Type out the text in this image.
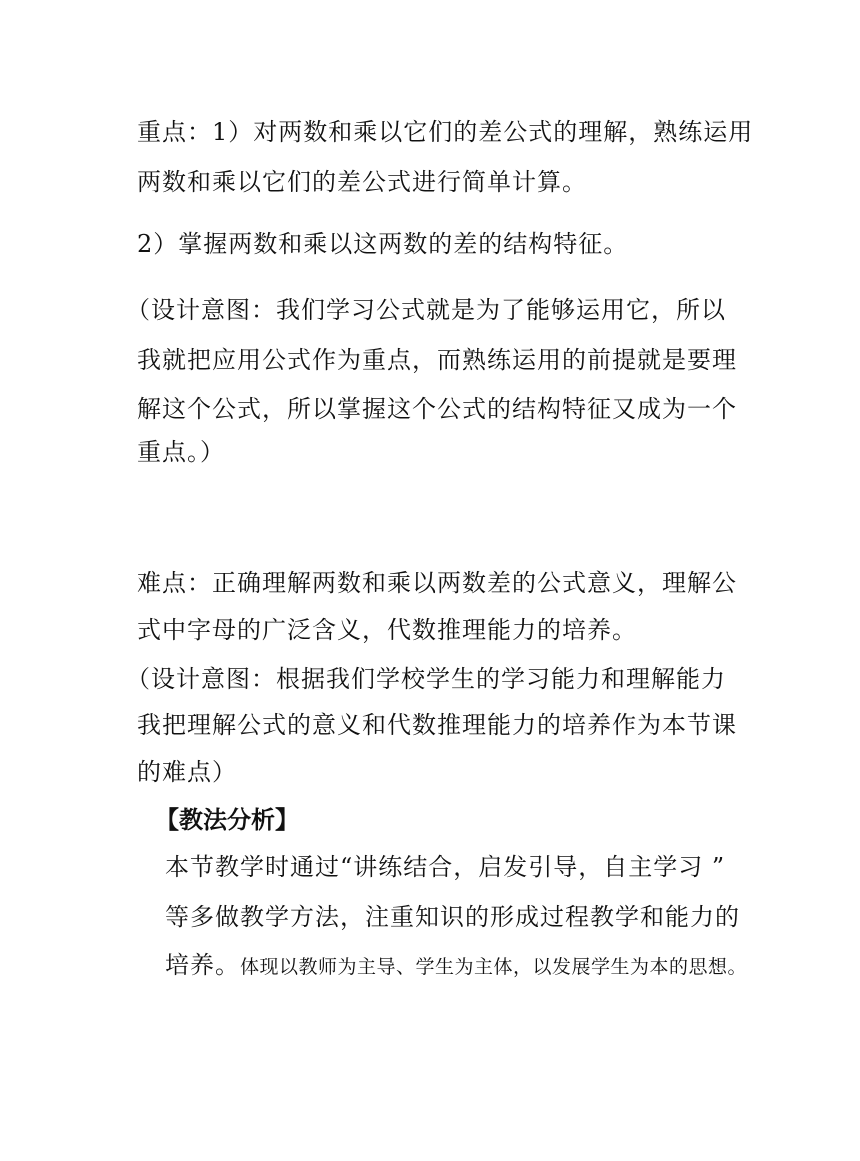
重点：1）对两数和乘以它们的差公式的理解，熟练运用
两数和乘以它们的差公式进行简单计算。
2）掌握两数和乘以这两数的差的结构特征。
（设计意图：我们学习公式就是为了能够运用它，所以
我就把应用公式作为重点，而熟练运用的前提就是要理
解这个公式，所以掌握这个公式的结构特征又成为一个
重点。）
难点：正确理解两数和乘以两数差的公式意义，理解公
式中字母的广泛含义，代数推理能力的培养。
（设计意图：根据我们学校学生的学习能力和理解能力
我把理解公式的意义和代数推理能力的培养作为本节课
的难点）
【教法分析】
本节教学时通过“讲练结合，启发引导，自主学习 ”
等多做教学方法，注重知识的形成过程教学和能力的
培养。体现以教师为主导、学生为主体，以发展学生为本的思想。
